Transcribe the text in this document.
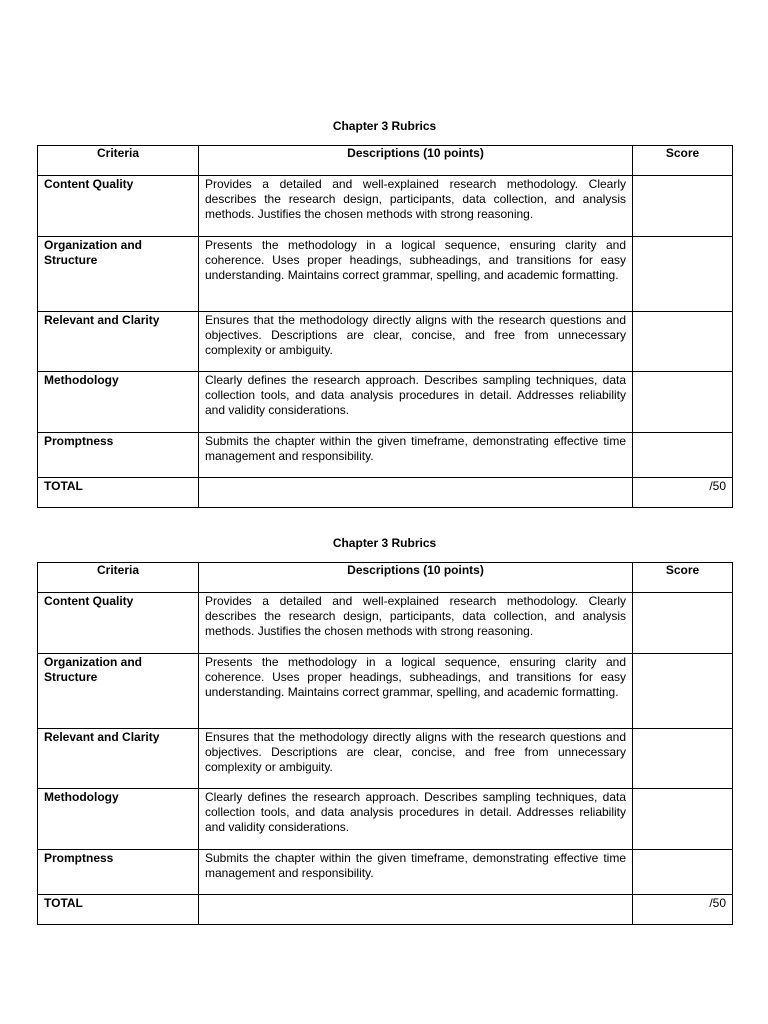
Chapter 3 Rubrics
Criteria	Descriptions (10 points)	Score
Content Quality	Provides a detailed and well-explained research methodology. Clearly describes the research design, participants, data collection, and analysis methods. Justifies the chosen methods with strong reasoning.	
Organization and Structure	Presents the methodology in a logical sequence, ensuring clarity and coherence. Uses proper headings, subheadings, and transitions for easy understanding. Maintains correct grammar, spelling, and academic formatting.	
Relevant and Clarity	Ensures that the methodology directly aligns with the research questions and objectives. Descriptions are clear, concise, and free from unnecessary complexity or ambiguity.	
Methodology	Clearly defines the research approach. Describes sampling techniques, data collection tools, and data analysis procedures in detail. Addresses reliability and validity considerations.	
Promptness	Submits the chapter within the given timeframe, demonstrating effective time management and responsibility.	
TOTAL		/50
Chapter 3 Rubrics
Criteria	Descriptions (10 points)	Score
Content Quality	Provides a detailed and well-explained research methodology. Clearly describes the research design, participants, data collection, and analysis methods. Justifies the chosen methods with strong reasoning.	
Organization and Structure	Presents the methodology in a logical sequence, ensuring clarity and coherence. Uses proper headings, subheadings, and transitions for easy understanding. Maintains correct grammar, spelling, and academic formatting.	
Relevant and Clarity	Ensures that the methodology directly aligns with the research questions and objectives. Descriptions are clear, concise, and free from unnecessary complexity or ambiguity.	
Methodology	Clearly defines the research approach. Describes sampling techniques, data collection tools, and data analysis procedures in detail. Addresses reliability and validity considerations.	
Promptness	Submits the chapter within the given timeframe, demonstrating effective time management and responsibility.	
TOTAL		/50
